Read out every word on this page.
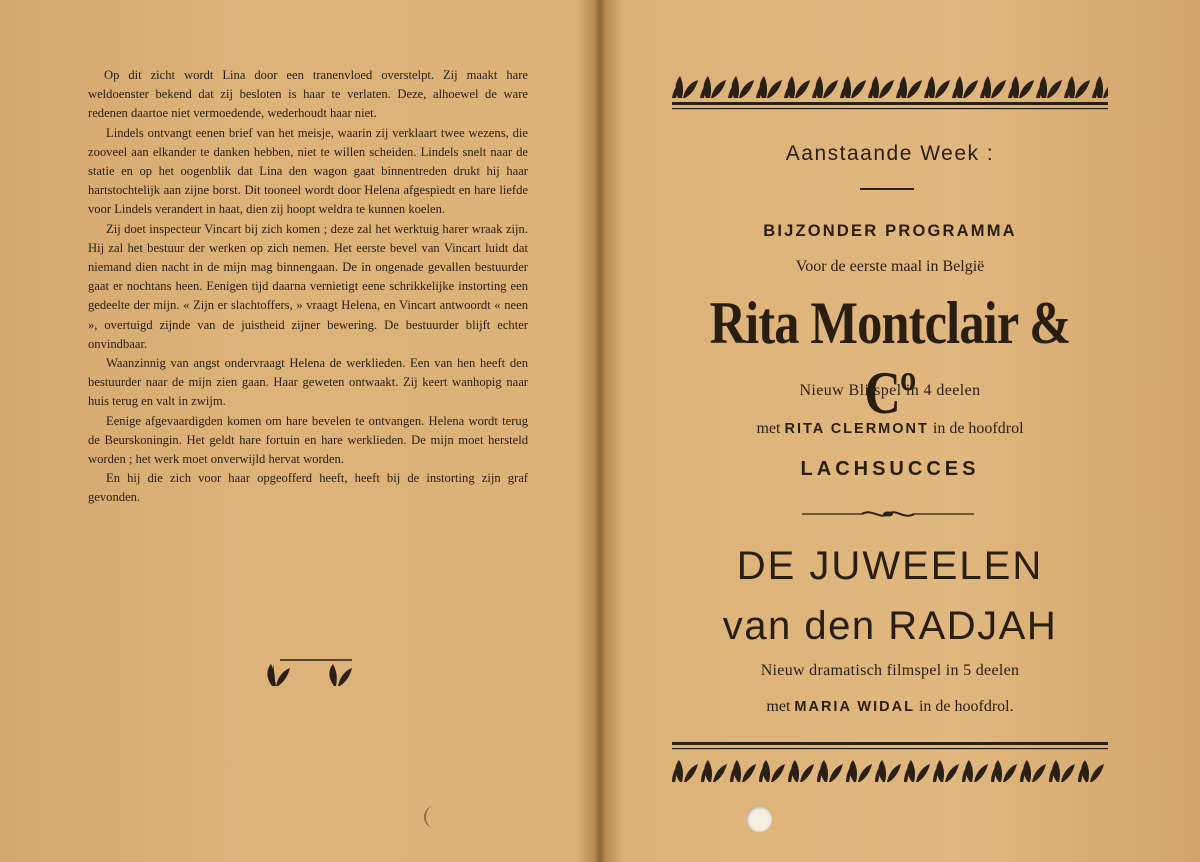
Op dit zicht wordt Lina door een tranenvloed overstelpt. Zij maakt hare weldoenster bekend dat zij besloten is haar te verlaten. Deze, alhoewel de ware redenen daartoe niet vermoedende, wederhoudt haar niet.

Lindels ontvangt eenen brief van het meisje, waarin zij verklaart twee wezens, die zooveel aan elkander te danken hebben, niet te willen scheiden. Lindels snelt naar de statie en op het oogenblik dat Lina den wagon gaat binnentreden drukt hij haar hartstochtelijk aan zijne borst. Dit tooneel wordt door Helena afgespiedt en hare liefde voor Lindels verandert in haat, dien zij hoopt weldra te kunnen koelen.

Zij doet inspecteur Vincart bij zich komen ; deze zal het werktuig harer wraak zijn. Hij zal het bestuur der werken op zich nemen. Het eerste bevel van Vincart luidt dat niemand dien nacht in de mijn mag binnengaan. De in ongenade gevallen bestuurder gaat er nochtans heen. Eenigen tijd daarna vernietigt eene schrikkelijke instorting een gedeelte der mijn. « Zijn er slachtoffers, » vraagt Helena, en Vincart antwoordt « neen », overtuigd zijnde van de juistheid zijner bewering. De bestuurder blijft echter onvindbaar.

Waanzinnig van angst ondervraagt Helena de werklieden. Een van hen heeft den bestuurder naar de mijn zien gaan. Haar geweten ontwaakt. Zij keert wanhopig naar huis terug en valt in zwijm.

Eenige afgevaardigden komen om hare bevelen te ontvangen. Helena wordt terug de Beurskoningin. Het geldt hare fortuin en hare werklieden. De mijn moet hersteld worden ; het werk moet onverwijld hervat worden.

En hij die zich voor haar opgeofferd heeft, heeft bij de instorting zijn graf gevonden.

Aanstaande Week :
BIJZONDER PROGRAMMA
Voor de eerste maal in België
Rita Montclair & Cº
Nieuw Blijspel in 4 deelen
met RITA CLERMONT in de hoofdrol
LACHSUCCES
DE JUWEELEN
van den RADJAH
Nieuw dramatisch filmspel in 5 deelen
met MARIA WIDAL in de hoofdrol.
